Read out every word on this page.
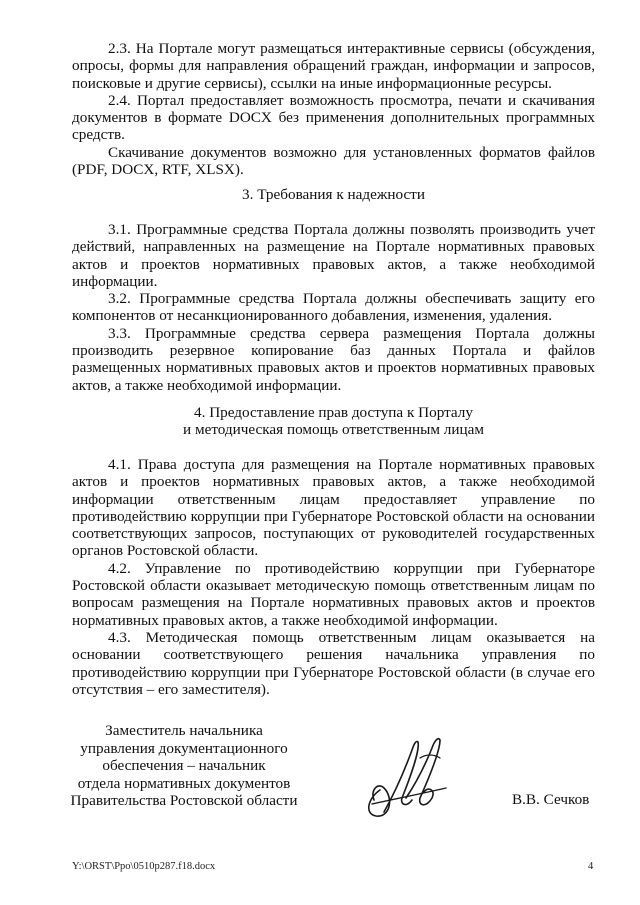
2.3. На Портале могут размещаться интерактивные сервисы (обсуждения, опросы, формы для направления обращений граждан, информации и запросов, поисковые и другие сервисы), ссылки на иные информационные ресурсы.

2.4. Портал предоставляет возможность просмотра, печати и скачивания документов в формате DOCX без применения дополнительных программных средств.

Скачивание документов возможно для установленных форматов файлов (PDF, DOCX, RTF, XLSX).

3. Требования к надежности

3.1. Программные средства Портала должны позволять производить учет действий, направленных на размещение на Портале нормативных правовых актов и проектов нормативных правовых актов, а также необходимой информации.

3.2. Программные средства Портала должны обеспечивать защиту его компонентов от несанкционированного добавления, изменения, удаления.

3.3. Программные средства сервера размещения Портала должны производить резервное копирование баз данных Портала и файлов размещенных нормативных правовых актов и проектов нормативных правовых актов, а также необходимой информации.

4. Предоставление прав доступа к Порталу

и методическая помощь ответственным лицам

4.1. Права доступа для размещения на Портале нормативных правовых актов и проектов нормативных правовых актов, а также необходимой информации ответственным лицам предоставляет управление по противодействию коррупции при Губернаторе Ростовской области на основании соответствующих запросов, поступающих от руководителей государственных органов Ростовской области.

4.2. Управление по противодействию коррупции при Губернаторе Ростовской области оказывает методическую помощь ответственным лицам по вопросам размещения на Портале нормативных правовых актов и проектов нормативных правовых актов, а также необходимой информации.

4.3. Методическая помощь ответственным лицам оказывается на основании соответствующего решения начальника управления по противодействию коррупции при Губернаторе Ростовской области (в случае его отсутствия – его заместителя).

Заместитель начальника
управления документационного
обеспечения – начальник
отдела нормативных документов
Правительства Ростовской области	В.В. Сечков
Y:\ORST\Ppo\0510p287.f18.docx	4
